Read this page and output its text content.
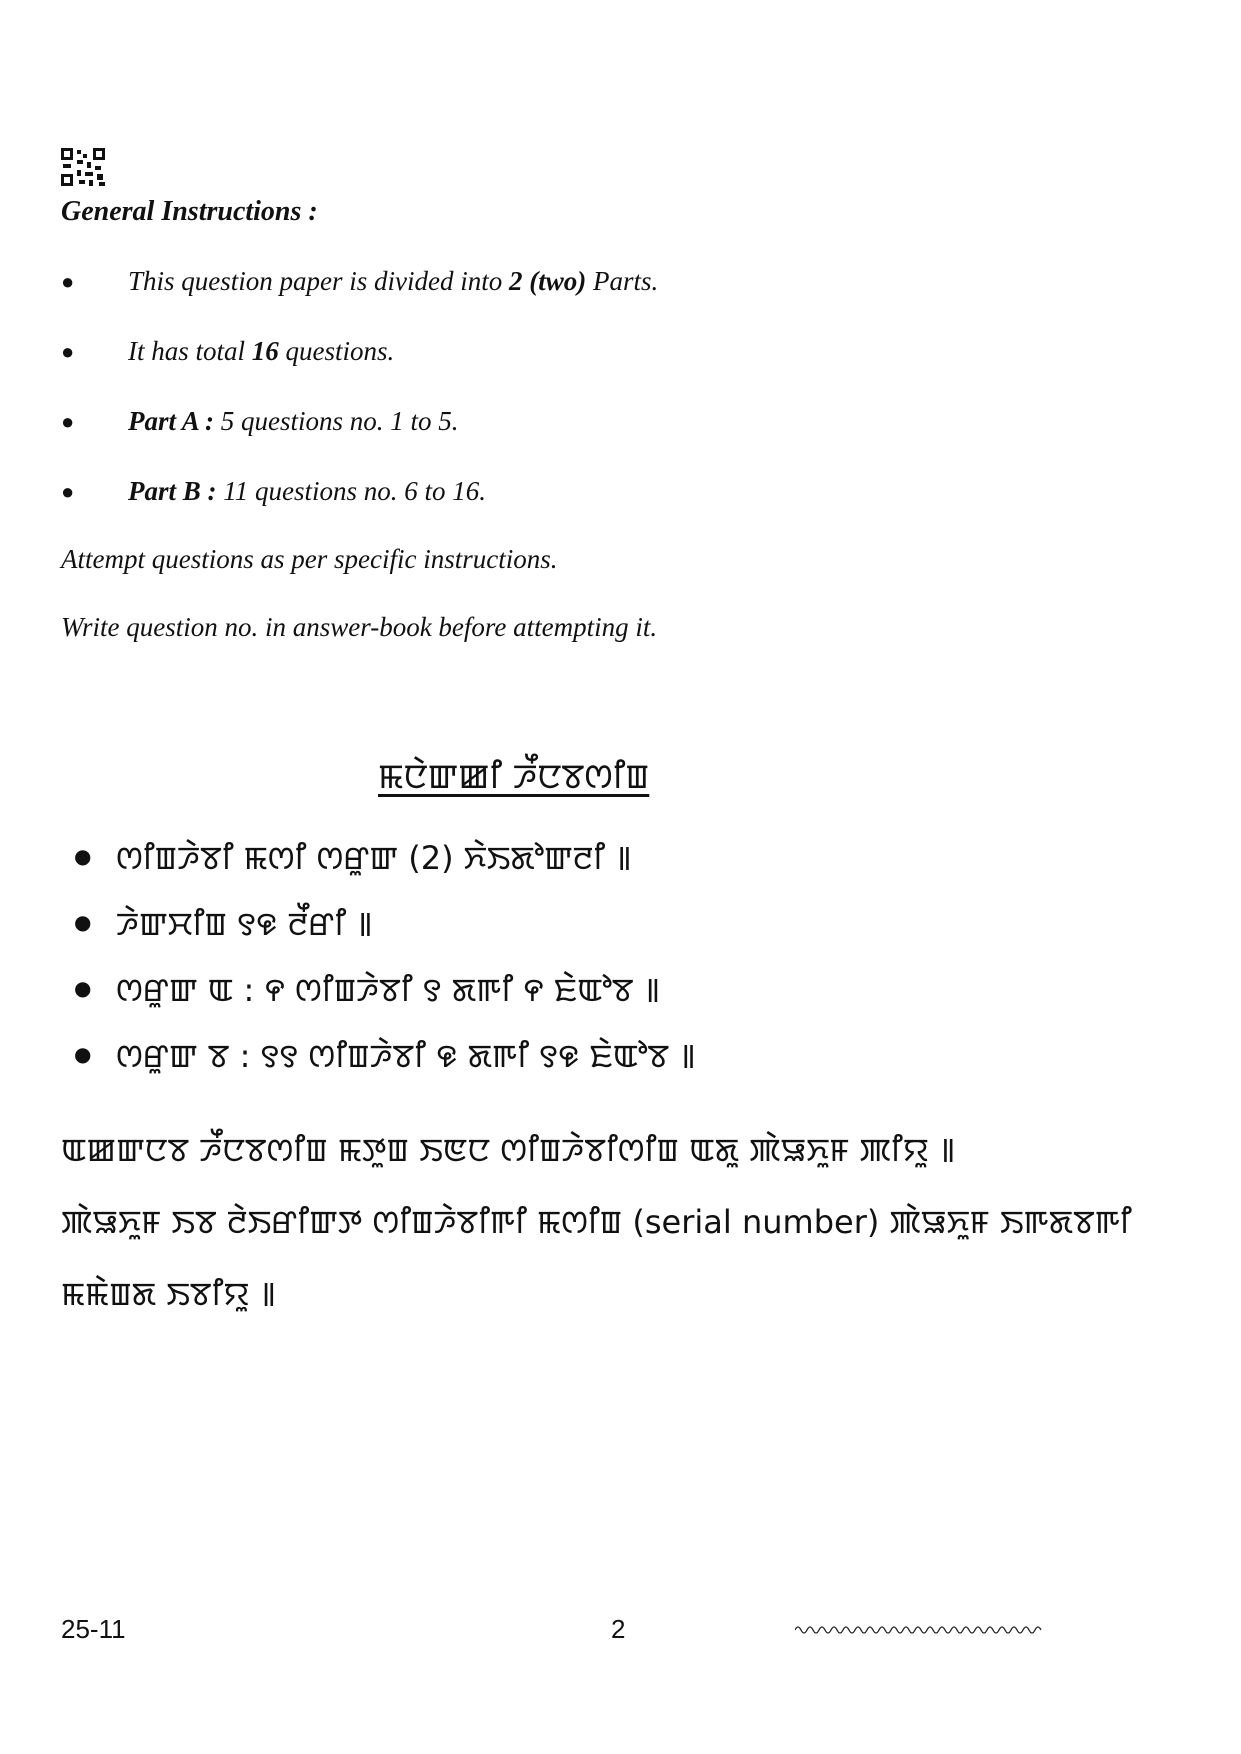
General Instructions :
● This question paper is divided into 2 (two) Parts.
● It has total 16 questions.
● Part A : 5 questions no. 1 to 5.
● Part B : 11 questions no. 6 to 16.
Attempt questions as per specific instructions.
Write question no. in answer-book before attempting it.
ꯃꯅꯥꯛꯀꯤ ꯍꯩꯅꯕꯁꯤꯡ
● ꯁꯤꯡꯍꯥꯕꯤ ꯃꯁꯤ ꯁꯔꯨꯛ (2) ꯈꯥꯏꯗꯣꯛꯂꯤ ꯫
● ꯍꯥꯛꯆꯤꯡ ꯱꯶ ꯂꯩꯔꯤ ꯫
● ꯁꯔꯨꯛ ꯑ : ꯵ ꯁꯤꯡꯍꯥꯕꯤ ꯱ ꯗꯒꯤ ꯵ ꯐꯥꯑꯣꯕ ꯫
● ꯁꯔꯨꯛ ꯕ : ꯱꯱ ꯁꯤꯡꯍꯥꯕꯤ ꯶ ꯗꯒꯤ ꯱꯶ ꯐꯥꯑꯣꯕ ꯫
ꯑꯀꯛꯅꯕ ꯍꯩꯅꯕꯁꯤꯡ ꯃꯇꯨꯡ ꯏꯟꯅ ꯁꯤꯡꯍꯥꯕꯤꯁꯤꯡ ꯑꯗꯨ ꯄꯥꯎꯈꯨꯝ ꯄꯤꯌꯨ ꯫
ꯄꯥꯎꯈꯨꯝ ꯏꯕ ꯂꯥꯏꯔꯤꯛꯇ ꯁꯤꯡꯍꯥꯕꯤꯒꯤ ꯃꯁꯤꯡ (serial number) ꯄꯥꯎꯈꯨꯝ ꯏꯒꯗꯕꯒꯤ
ꯃꯃꯥꯡꯗ ꯏꯕꯤꯌꯨ ꯫
25-11	2
